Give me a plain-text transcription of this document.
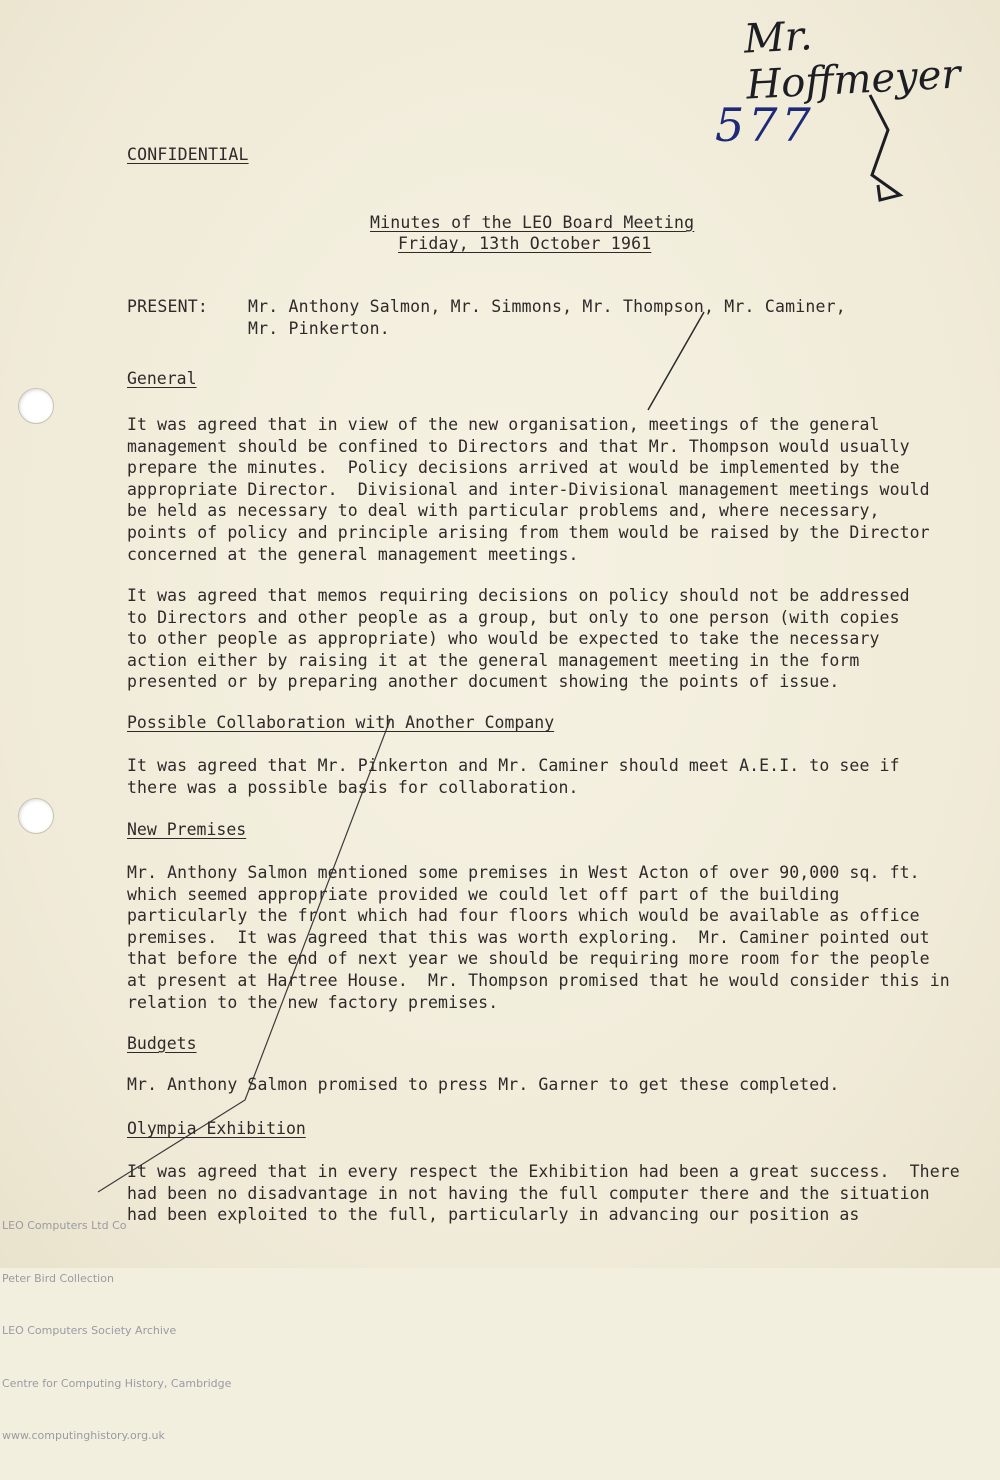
Mr. Hoffmeyer
577
CONFIDENTIAL
Minutes of the LEO Board Meeting
Friday, 13th October 1961
PRESENT: Mr. Anthony Salmon, Mr. Simmons, Mr. Thompson, Mr. Caminer,
Mr. Pinkerton.
General
It was agreed that in view of the new organisation, meetings of the general
management should be confined to Directors and that Mr. Thompson would usually
prepare the minutes.  Policy decisions arrived at would be implemented by the
appropriate Director.  Divisional and inter-Divisional management meetings would
be held as necessary to deal with particular problems and, where necessary,
points of policy and principle arising from them would be raised by the Director
concerned at the general management meetings.
It was agreed that memos requiring decisions on policy should not be addressed
to Directors and other people as a group, but only to one person (with copies
to other people as appropriate) who would be expected to take the necessary
action either by raising it at the general management meeting in the form
presented or by preparing another document showing the points of issue.
Possible Collaboration with Another Company
It was agreed that Mr. Pinkerton and Mr. Caminer should meet A.E.I. to see if
there was a possible basis for collaboration.
New Premises
Mr. Anthony Salmon mentioned some premises in West Acton of over 90,000 sq. ft.
which seemed appropriate provided we could let off part of the building
particularly the front which had four floors which would be available as office
premises.  It was agreed that this was worth exploring.  Mr. Caminer pointed out
that before the end of next year we should be requiring more room for the people
at present at Hartree House.  Mr. Thompson promised that he would consider this in
relation to the new factory premises.
Budgets
Mr. Anthony Salmon promised to press Mr. Garner to get these completed.
Olympia Exhibition
It was agreed that in every respect the Exhibition had been a great success.  There
had been no disadvantage in not having the full computer there and the situation
had been exploited to the full, particularly in advancing our position as

LEO Computers Ltd Co

Peter Bird Collection

LEO Computers Society Archive

Centre for Computing History, Cambridge

www.computinghistory.org.uk
